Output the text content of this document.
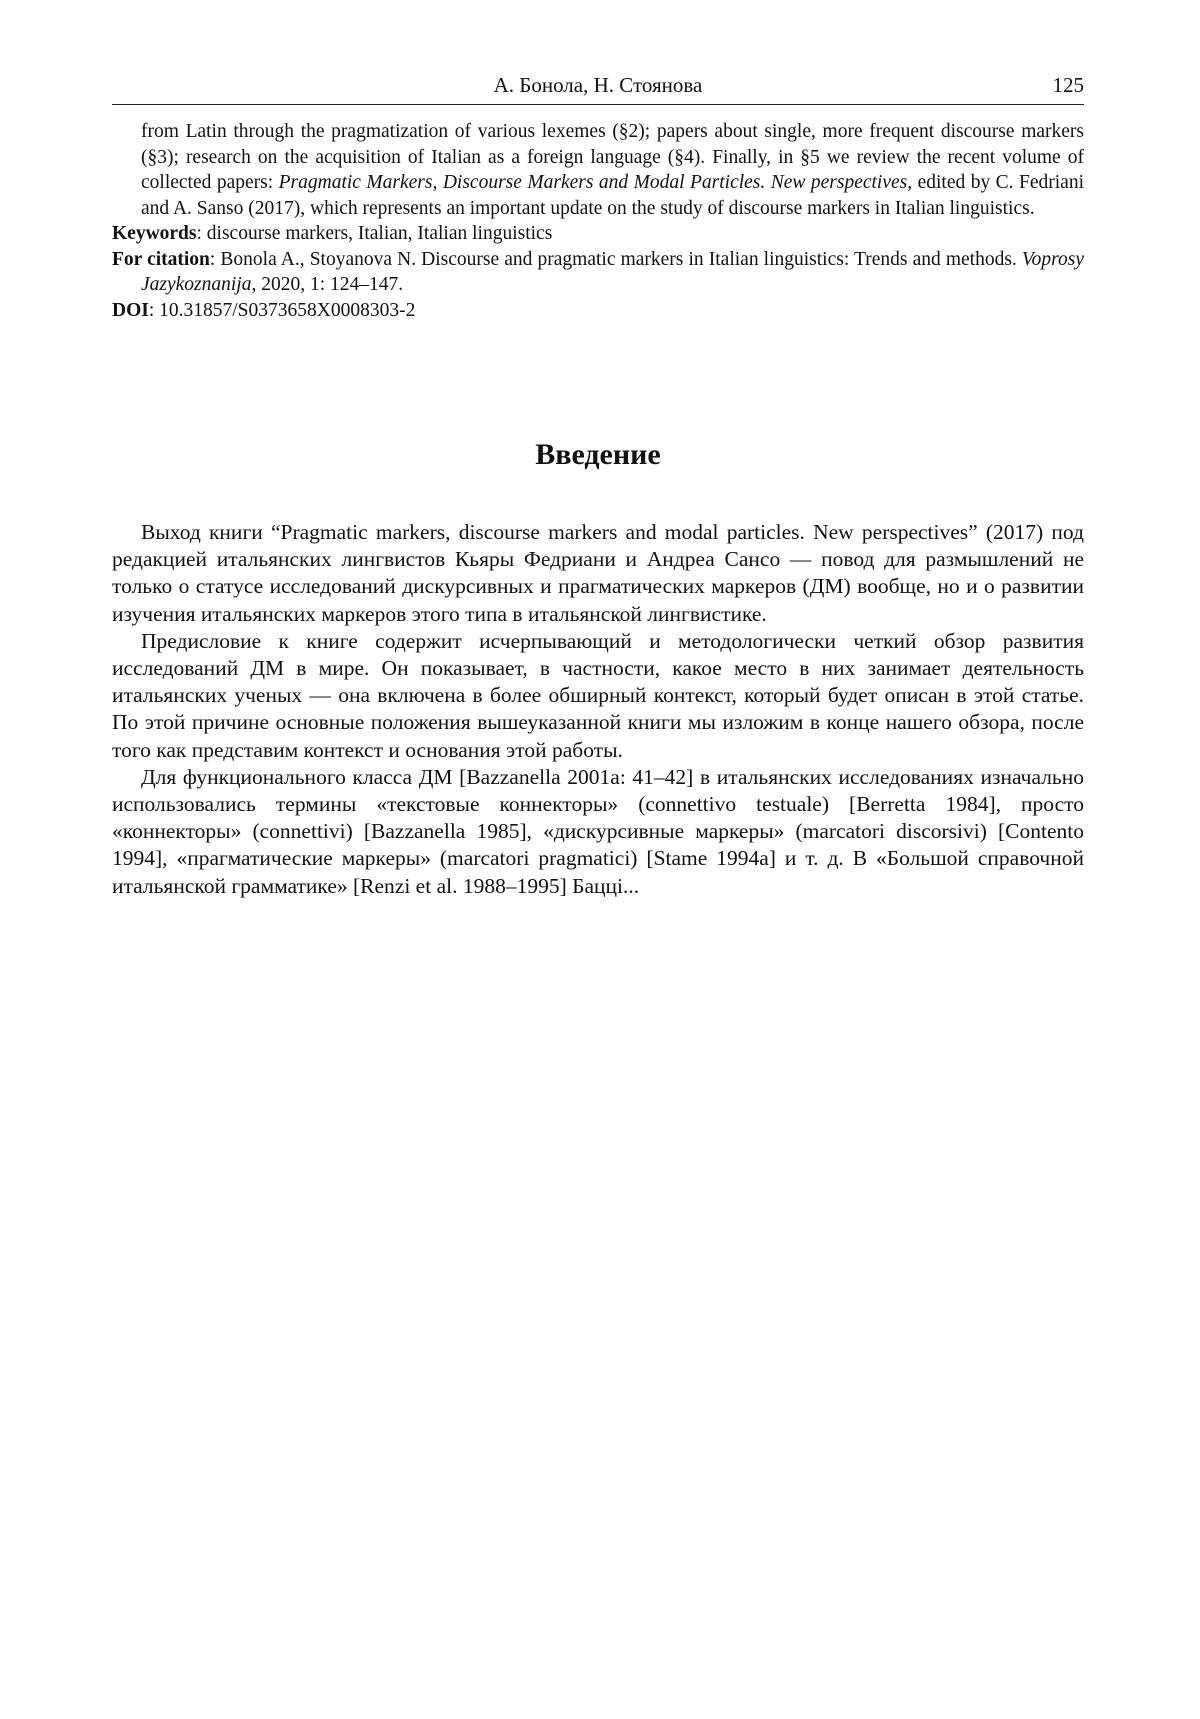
А. Бонола, Н. Стоянова	125
from Latin through the pragmatization of various lexemes (§2); papers about single, more frequent discourse markers (§3); research on the acquisition of Italian as a foreign language (§4). Finally, in §5 we review the recent volume of collected papers: Pragmatic Markers, Discourse Markers and Modal Particles. New perspectives, edited by C. Fedriani and A. Sanso (2017), which represents an important update on the study of discourse markers in Italian linguistics.
Keywords: discourse markers, Italian, Italian linguistics
For citation: Bonola A., Stoyanova N. Discourse and pragmatic markers in Italian linguistics: Trends and methods. Voprosy Jazykoznanija, 2020, 1: 124–147.
DOI: 10.31857/S0373658X0008303-2
Введение

Выход книги “Pragmatic markers, discourse markers and modal particles. New perspectives” (2017) под редакцией итальянских лингвистов Кьяры Федриани и Андреа Сансо — повод для размышлений не только о статусе исследований дискурсивных и прагматических маркеров (ДМ) вообще, но и о развитии изучения итальянских маркеров этого типа в итальянской лингвистике.

Предисловие к книге содержит исчерпывающий и методологически четкий обзор развития исследований ДМ в мире. Он показывает, в частности, какое место в них занимает деятельность итальянских ученых — она включена в более обширный контекст, который будет описан в этой статье. По этой причине основные положения вышеуказанной книги мы изложим в конце нашего обзора, после того как представим контекст и основания этой работы.

Для функционального класса ДМ [Bazzanella 2001a: 41–42] в итальянских исследованиях изначально использовались термины «текстовые коннекторы» (connettivo testuale) [Berretta 1984], просто «коннекторы» (connettivi) [Bazzanella 1985], «дискурсивные маркеры» (marcatori discorsivi) [Contento 1994], «прагматические маркеры» (marcatori pragmatici) [Stame 1994a] и т. д. В «Большой справочной итальянской грамматике» [Renzi et al. 1988–1995] Бацці...
